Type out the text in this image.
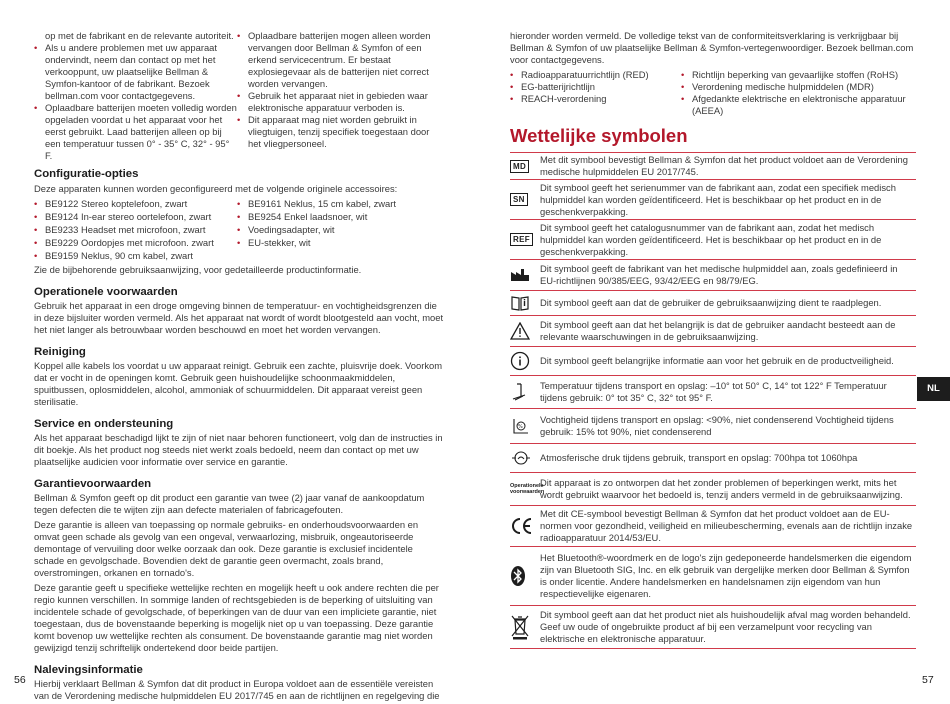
op met de fabrikant en de relevante autoriteit.

• Als u andere problemen met uw apparaat ondervindt, neem dan contact op met het verkooppunt, uw plaatselijke Bellman & Symfon-kantoor of de fabrikant. Bezoek bellman.com voor contactgegevens.
• Oplaadbare batterijen moeten volledig worden opgeladen voordat u het apparaat voor het eerst gebruikt. Laad batterijen alleen op bij een temperatuur tussen 0° - 35° C, 32° - 95° F.
• Oplaadbare batterijen mogen alleen worden vervangen door Bellman & Symfon of een erkend servicecentrum. Er bestaat explosiegevaar als de batterijen niet correct worden vervangen.
• Gebruik het apparaat niet in gebieden waar elektronische apparatuur verboden is.
• Dit apparaat mag niet worden gebruikt in vliegtuigen, tenzij specifiek toegestaan door het vliegpersoneel.
Configuratie-opties

Deze apparaten kunnen worden geconfigureerd met de volgende originele accessoires:

• BE9122 Stereo koptelefoon, zwart
• BE9124 In-ear stereo oortelefoon, zwart
• BE9233 Headset met microfoon, zwart
• BE9229 Oordopjes met microfoon. zwart
• BE9159 Neklus, 90 cm kabel, zwart
• BE9161 Neklus, 15 cm kabel, zwart
• BE9254 Enkel laadsnoer, wit
• Voedingsadapter, wit
• EU-stekker, wit

Zie de bijbehorende gebruiksaanwijzing, voor gedetailleerde productinformatie.

Operationele voorwaarden

Gebruik het apparaat in een droge omgeving binnen de temperatuur- en vochtigheidsgrenzen die in deze bijsluiter worden vermeld. Als het apparaat nat wordt of wordt blootgesteld aan vocht, moet het niet langer als betrouwbaar worden beschouwd en moet het worden vervangen.

Reiniging

Koppel alle kabels los voordat u uw apparaat reinigt. Gebruik een zachte, pluisvrije doek. Voorkom dat er vocht in de openingen komt. Gebruik geen huishoudelijke schoonmaakmiddelen, spuitbussen, oplosmiddelen, alcohol, ammoniak of schuurmiddelen. Dit apparaat vereist geen sterilisatie.

Service en ondersteuning

Als het apparaat beschadigd lijkt te zijn of niet naar behoren functioneert, volg dan de instructies in dit boekje. Als het product nog steeds niet werkt zoals bedoeld, neem dan contact op met uw plaatselijke audicien voor informatie over service en garantie.

Garantievoorwaarden

Bellman & Symfon geeft op dit product een garantie van twee (2) jaar vanaf de aankoopdatum tegen defecten die te wijten zijn aan defecte materialen of fabricagefouten.

Deze garantie is alleen van toepassing op normale gebruiks- en onderhoudsvoorwaarden en omvat geen schade als gevolg van een ongeval, verwaarlozing, misbruik, ongeautoriseerde demontage of vervuiling door welke oorzaak dan ook. Deze garantie is exclusief incidentele schade en gevolgschade. Bovendien dekt de garantie geen overmacht, zoals brand, overstromingen, orkanen en tornado's.

Deze garantie geeft u specifieke wettelijke rechten en mogelijk heeft u ook andere rechten die per regio kunnen verschillen. In sommige landen of rechtsgebieden is de beperking of uitsluiting van incidentele schade of gevolgschade, of beperkingen van de duur van een impliciete garantie, niet toegestaan, dus de bovenstaande beperking is mogelijk niet op u van toepassing. Deze garantie komt bovenop uw wettelijke rechten als consument. De bovenstaande garantie mag niet worden gewijzigd tenzij schriftelijk ondertekend door beide partijen.

Nalevingsinformatie

Hierbij verklaart Bellman & Symfon dat dit product in Europa voldoet aan de essentiële vereisten van de Verordening medische hulpmiddelen EU 2017/745 en aan de richtlijnen en regelgeving die

56

hieronder worden vermeld. De volledige tekst van de conformiteitsverklaring is verkrijgbaar bij Bellman & Symfon of uw plaatselijke Bellman & Symfon-vertegenwoordiger. Bezoek bellman.com voor contactgegevens.

• Radioapparatuurrichtlijn (RED)
• EG-batterijrichtlijn
• REACH-verordening
• Richtlijn beperking van gevaarlijke stoffen (RoHS)
• Verordening medische hulpmiddelen (MDR)
• Afgedankte elektrische en elektronische apparatuur (AEEA)
Wettelijke symbolen
MD
Met dit symbool bevestigt Bellman & Symfon dat het product voldoet aan de Verordening medische hulpmiddelen EU 2017/745.
SN
Dit symbool geeft het serienummer van de fabrikant aan, zodat een specifiek medisch hulpmiddel kan worden geïdentificeerd. Het is beschikbaar op het product en in de geschenkverpakking.
REF
Dit symbool geeft het catalogusnummer van de fabrikant aan, zodat het medisch hulpmiddel kan worden geïdentificeerd. Het is beschikbaar op het product en in de geschenkverpakking.
Dit symbool geeft de fabrikant van het medische hulpmiddel aan, zoals gedefinieerd in EU-richtlijnen 90/385/EEG, 93/42/EEG en 98/79/EG.
Dit symbool geeft aan dat de gebruiker de gebruiksaanwijzing dient te raadplegen.
Dit symbool geeft aan dat het belangrijk is dat de gebruiker aandacht besteedt aan de relevante waarschuwingen in de gebruiksaanwijzing.
Dit symbool geeft belangrijke informatie aan voor het gebruik en de productveiligheid.
Temperatuur tijdens transport en opslag: –10° tot 50° C, 14° tot 122° F Temperatuur tijdens gebruik: 0° tot 35° C, 32° tot 95° F.
%
Vochtigheid tijdens transport en opslag: <90%, niet condenserend Vochtigheid tijdens gebruik: 15% tot 90%, niet condenserend
Atmosferische druk tijdens gebruik, transport en opslag: 700hpa tot 1060hpa
Operationele voorwaarden
Dit apparaat is zo ontworpen dat het zonder problemen of beperkingen werkt, mits het wordt gebruikt waarvoor het bedoeld is, tenzij anders vermeld in de gebruiksaanwijzing.
Met dit CE-symbool bevestigt Bellman & Symfon dat het product voldoet aan de EU-normen voor gezondheid, veiligheid en milieubescherming, evenals aan de richtlijn inzake radioapparatuur 2014/53/EU.
Het Bluetooth®-woordmerk en de logo's zijn gedeponeerde handelsmerken die eigendom zijn van Bluetooth SIG, Inc. en elk gebruik van dergelijke merken door Bellman & Symfon is onder licentie. Andere handelsmerken en handelsnamen zijn eigendom van hun respectievelijke eigenaren.
Dit symbool geeft aan dat het product niet als huishoudelijk afval mag worden behandeld. Geef uw oude of ongebruikte product af bij een verzamelpunt voor recycling van elektrische en elektronische apparatuur.
NL
57
